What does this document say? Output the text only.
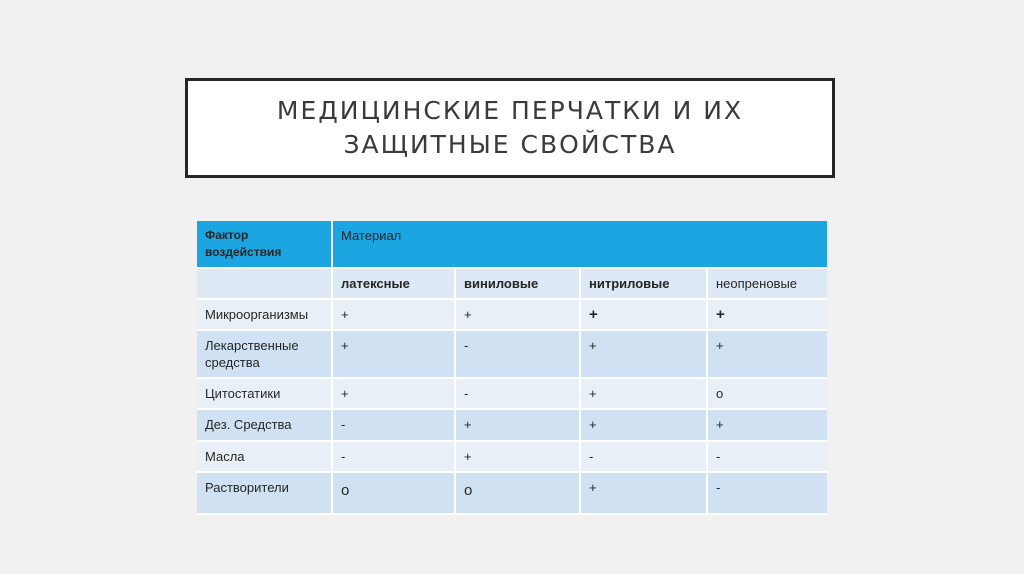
МЕДИЦИНСКИЕ ПЕРЧАТКИ И ИХ
ЗАЩИТНЫЕ СВОЙСТВА
Фактор воздействия	Материал			
	латексные	виниловые	нитриловые	неопреновые
Микроорганизмы	+	+	+	+
Лекарственные средства	+	-	+	+
Цитостатики	+	-	+	o
Дез. Средства	-	+	+	+
Масла	-	+	-	-
Растворители	o	o	+	-
